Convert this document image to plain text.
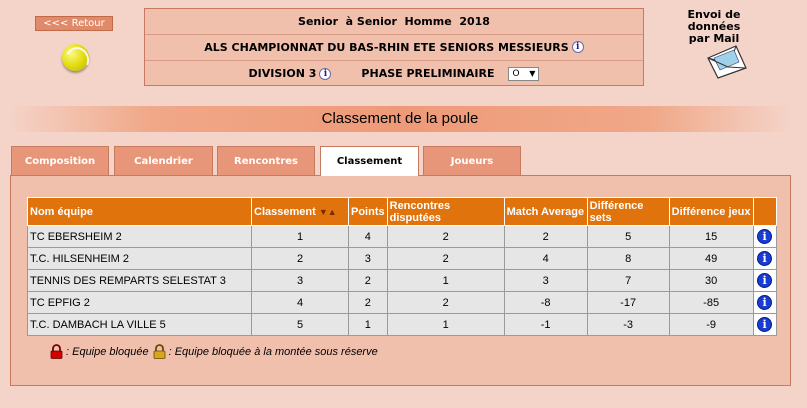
<<< Retour	Senior  à Senior  Homme  2018
ALS CHAMPIONNAT DU BAS-RHIN ETE SENIORS MESSIEURS i
DIVISION 3 i	PHASE PRELIMINAIRE	O ▼
Envoi de données
par Mail
Classement de la poule
Composition	Calendrier	Rencontres	Classement	Joueurs
Nom équipe	Classement ▼▲	Points	Rencontres disputées	Match Average	Différence sets	Différence jeux	
TC EBERSHEIM 2	1	4	2	2	5	15	i
T.C. HILSENHEIM 2	2	3	2	4	8	49	i
TENNIS DES REMPARTS SELESTAT 3	3	2	1	3	7	30	i
TC EPFIG 2	4	2	2	-8	-17	-85	i
T.C. DAMBACH LA VILLE 5	5	1	1	-1	-3	-9	i
: Equipe bloquée : Equipe bloquée à la montée sous réserve
